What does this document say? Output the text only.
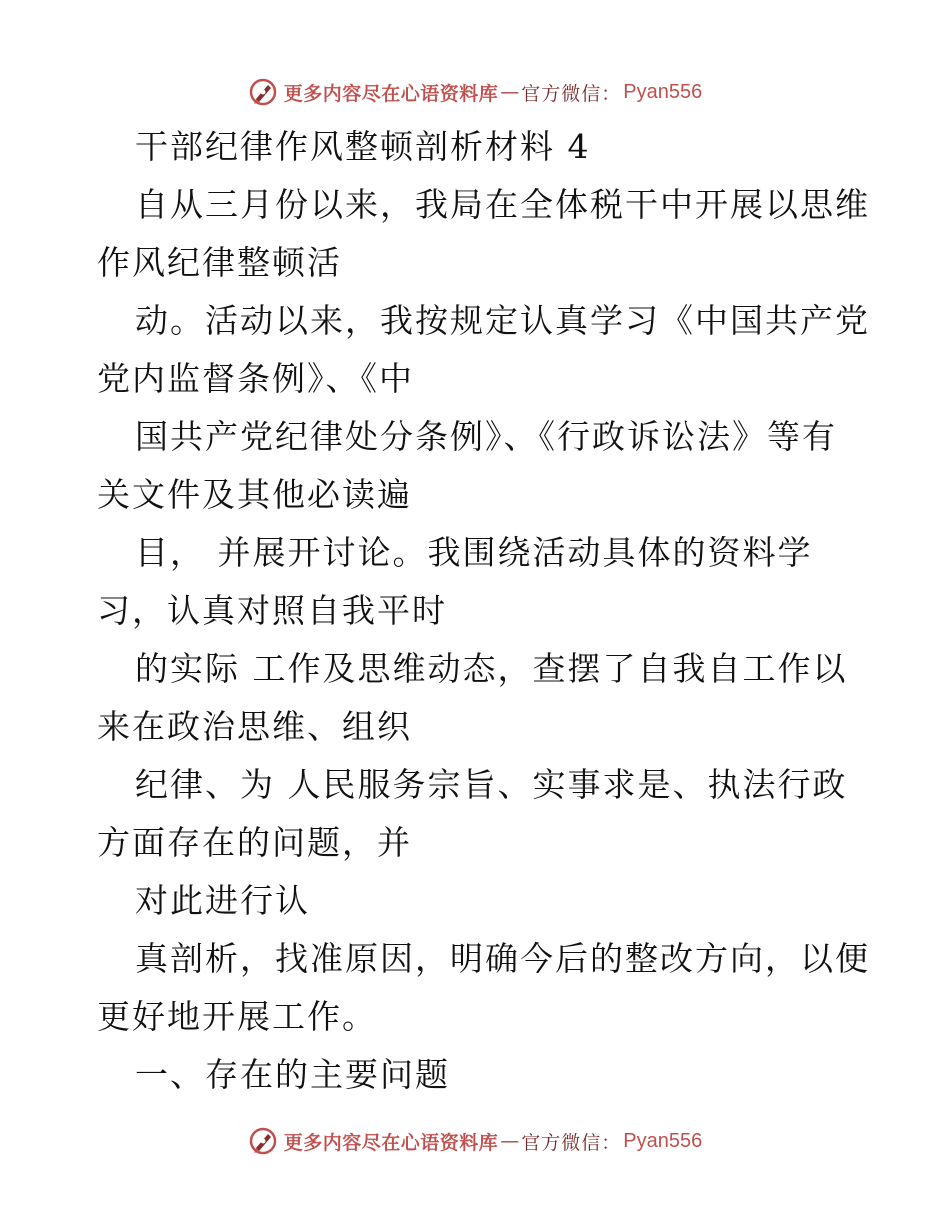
更多内容尽在心语资料库 — 官方微信： Pyan556
干部纪律作风整顿剖析材料 4
自从三月份以来，我局在全体税干中开展以思维
作风纪律整顿活
动。活动以来，我按规定认真学习《中国共产党
党内监督条例》、《中
国共产党纪律处分条例》、《行政诉讼法》等有
关文件及其他必读遍
目， 并展开讨论。我围绕活动具体的资料学
习，认真对照自我平时
的实际 工作及思维动态，查摆了自我自工作以
来在政治思维、组织
纪律、为 人民服务宗旨、实事求是、执法行政
方面存在的问题，并
对此进行认
真剖析，找准原因，明确今后的整改方向，以便
更好地开展工作。
一、存在的主要问题
更多内容尽在心语资料库 — 官方微信： Pyan556
